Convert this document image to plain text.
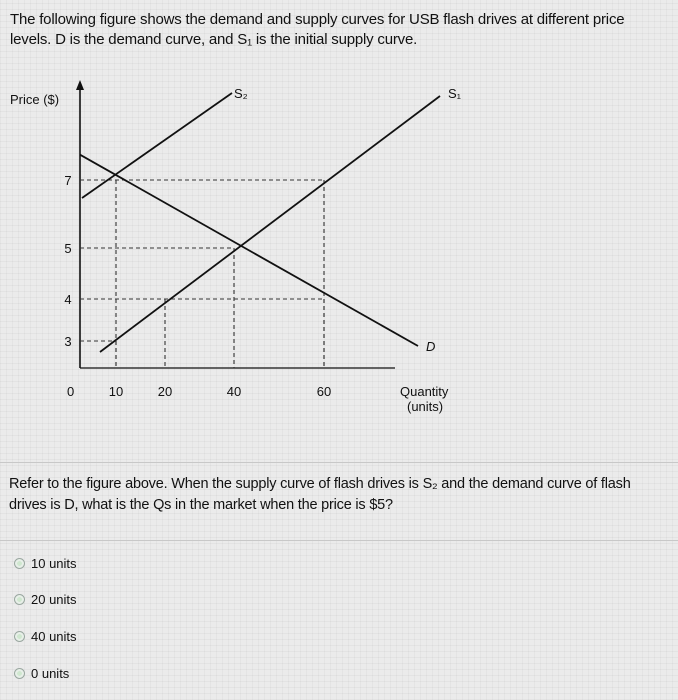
The following figure shows the demand and supply curves for USB flash drives at different price
levels. D is the demand curve, and S₁ is the initial supply curve.
Price ($)
Quantity
(units)
0	10	20	40	60
3
4
5
7
D
S₁
S₂
Refer to the figure above. When the supply curve of flash drives is S₂ and the demand curve of flash
drives is D, what is the Qs in the market when the price is $5?
10 units
20 units
40 units
0 units
